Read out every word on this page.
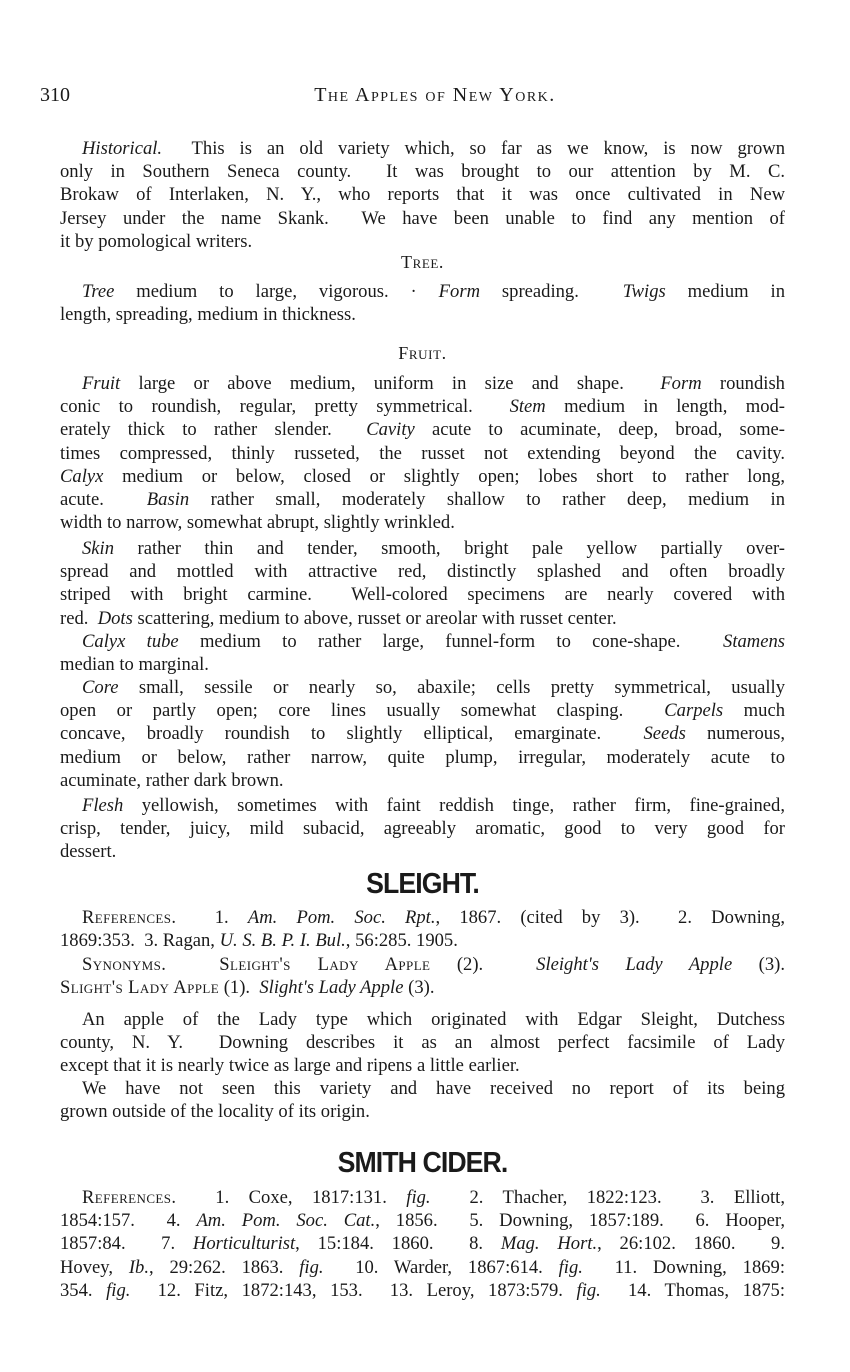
310	The Apples of New York.
Historical.  This is an old variety which, so far as we know, is now grown
only in Southern Seneca county.  It was brought to our attention by M. C.
Brokaw of Interlaken, N. Y., who reports that it was once cultivated in New
Jersey under the name Skank.  We have been unable to find any mention of
it by pomological writers.
Tree.
Tree medium to large, vigorous. · Form spreading.  Twigs medium in
length, spreading, medium in thickness.
Fruit.
Fruit large or above medium, uniform in size and shape.  Form roundish
conic to roundish, regular, pretty symmetrical.  Stem medium in length, mod-
erately thick to rather slender.  Cavity acute to acuminate, deep, broad, some-
times compressed, thinly russeted, the russet not extending beyond the cavity.
Calyx medium or below, closed or slightly open; lobes short to rather long,
acute.  Basin rather small, moderately shallow to rather deep, medium in
width to narrow, somewhat abrupt, slightly wrinkled.
Skin rather thin and tender, smooth, bright pale yellow partially over-
spread and mottled with attractive red, distinctly splashed and often broadly
striped with bright carmine.  Well-colored specimens are nearly covered with
red.  Dots scattering, medium to above, russet or areolar with russet center.
Calyx tube medium to rather large, funnel-form to cone-shape.  Stamens
median to marginal.
Core small, sessile or nearly so, abaxile; cells pretty symmetrical, usually
open or partly open; core lines usually somewhat clasping.  Carpels much
concave, broadly roundish to slightly elliptical, emarginate.  Seeds numerous,
medium or below, rather narrow, quite plump, irregular, moderately acute to
acuminate, rather dark brown.
Flesh yellowish, sometimes with faint reddish tinge, rather firm, fine-grained,
crisp, tender, juicy, mild subacid, agreeably aromatic, good to very good for
dessert.
SLEIGHT.
References.  1. Am. Pom. Soc. Rpt., 1867. (cited by 3).  2. Downing,
1869:353.  3. Ragan, U. S. B. P. I. Bul., 56:285. 1905.
Synonyms.	Sleight's Lady Apple (2).  Sleight's Lady Apple (3).
Slight's Lady Apple (1).  Slight's Lady Apple (3).
An apple of the Lady type which originated with Edgar Sleight, Dutchess
county, N. Y.  Downing describes it as an almost perfect facsimile of Lady
except that it is nearly twice as large and ripens a little earlier.
We have not seen this variety and have received no report of its being
grown outside of the locality of its origin.
SMITH CIDER.
References.  1. Coxe, 1817:131. fig.  2. Thacher, 1822:123.  3. Elliott,
1854:157.  4. Am. Pom. Soc. Cat., 1856.  5. Downing, 1857:189.  6. Hooper,
1857:84.  7. Horticulturist, 15:184. 1860.  8. Mag. Hort., 26:102. 1860.  9.
Hovey, Ib., 29:262. 1863. fig.  10. Warder, 1867:614. fig.  11. Downing, 1869:
354. fig.  12. Fitz, 1872:143, 153.  13. Leroy, 1873:579. fig.  14. Thomas, 1875:
